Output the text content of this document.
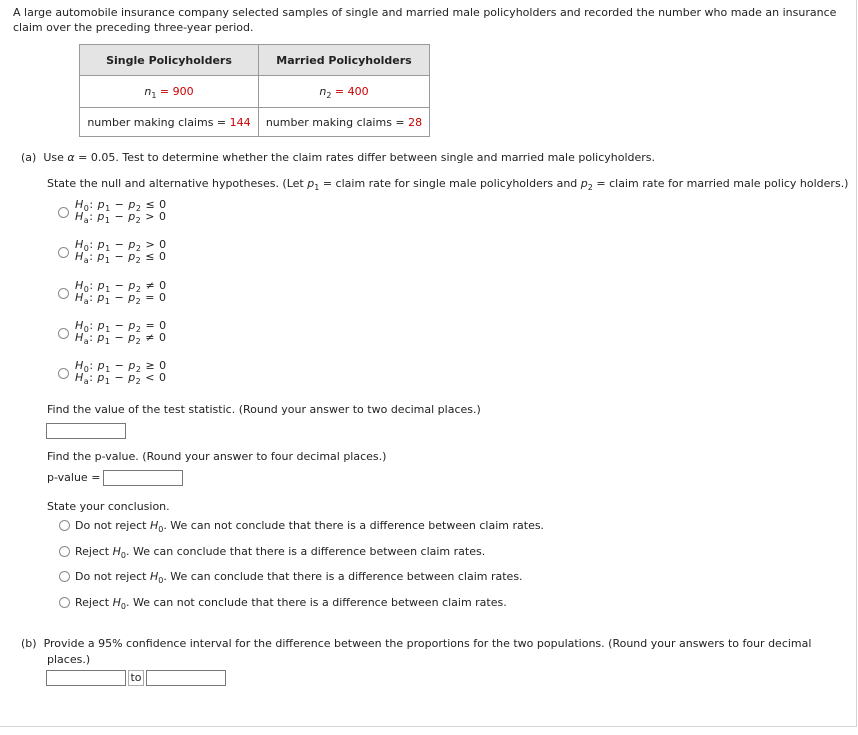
A large automobile insurance company selected samples of single and married male policyholders and recorded the number who made an insurance claim over the preceding three-year period.
Single Policyholders	Married Policyholders
$n_1 = 900$	$n_2 = 400$
number making claims = 144	number making claims = 28
(a) Use α = 0.05. Test to determine whether the claim rates differ between single and married male policyholders.
State the null and alternative hypotheses. (Let $p_1$ = claim rate for single male policyholders and $p_2$ = claim rate for married male policy holders.)
$H_0$: $p_1 - p_2 \le 0$
$H_a$: $p_1 - p_2 > 0$
$H_0$: $p_1 - p_2 > 0$
$H_a$: $p_1 - p_2 \le 0$
$H_0$: $p_1 - p_2 \ne 0$
$H_a$: $p_1 - p_2 = 0$
$H_0$: $p_1 - p_2 = 0$
$H_a$: $p_1 - p_2 \ne 0$
$H_0$: $p_1 - p_2 \ge 0$
$H_a$: $p_1 - p_2 < 0$
Find the value of the test statistic. (Round your answer to two decimal places.)
Find the p-value. (Round your answer to four decimal places.)
p-value =
State your conclusion.
Do not reject $H_0$. We can not conclude that there is a difference between claim rates.
Reject $H_0$. We can conclude that there is a difference between claim rates.
Do not reject $H_0$. We can conclude that there is a difference between claim rates.
Reject $H_0$. We can not conclude that there is a difference between claim rates.
(b) Provide a 95% confidence interval for the difference between the proportions for the two populations. (Round your answers to four decimal
places.)
to
